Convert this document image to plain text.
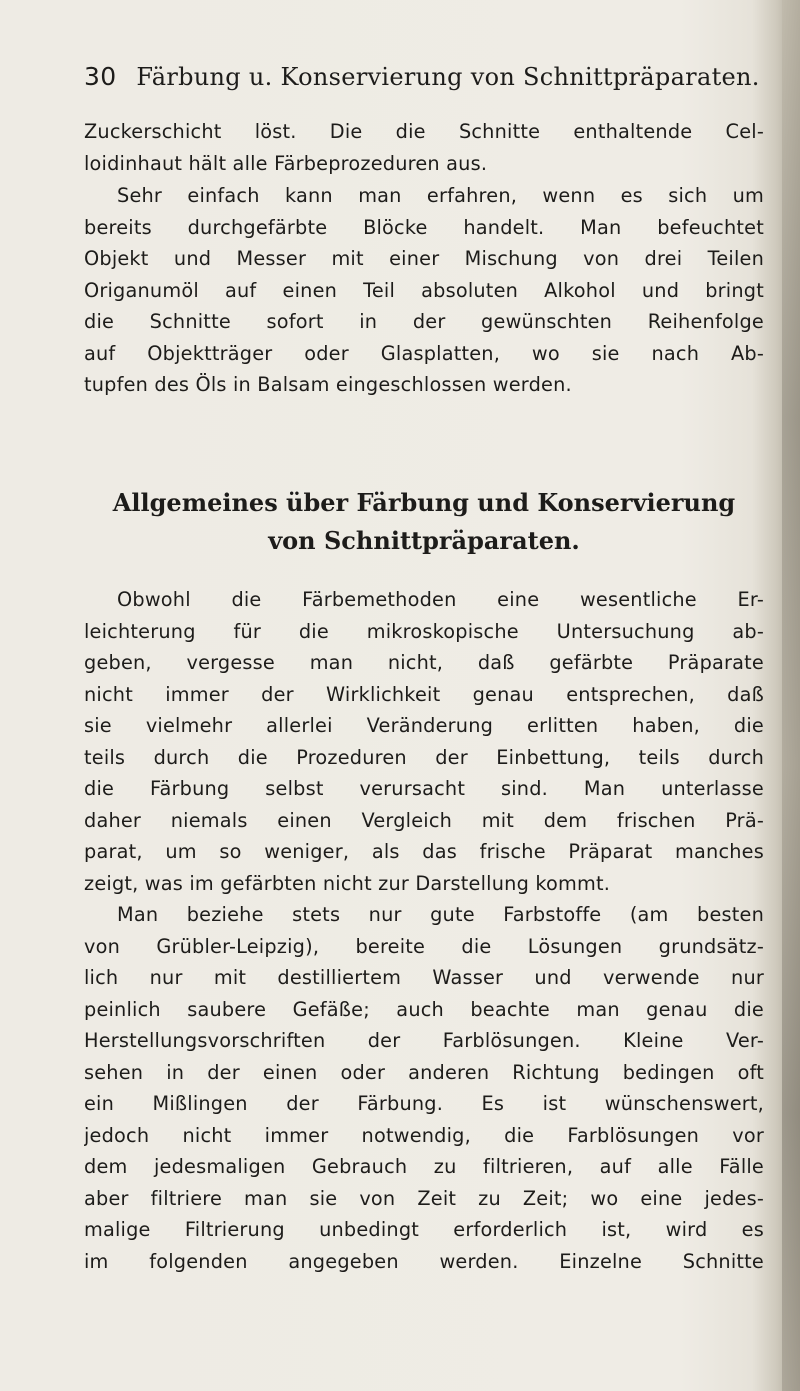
30 Färbung u. Konservierung von Schnittpräparaten.
Zuckerschicht löst. Die die Schnitte enthaltende Cel-
loidinhaut hält alle Färbeprozeduren aus.
Sehr einfach kann man erfahren, wenn es sich um
bereits durchgefärbte Blöcke handelt. Man befeuchtet
Objekt und Messer mit einer Mischung von drei Teilen
Origanumöl auf einen Teil absoluten Alkohol und bringt
die Schnitte sofort in der gewünschten Reihenfolge
auf Objektträger oder Glasplatten, wo sie nach Ab-
tupfen des Öls in Balsam eingeschlossen werden.
Allgemeines über Färbung und Konservierung
von Schnittpräparaten.
Obwohl die Färbemethoden eine wesentliche Er-
leichterung für die mikroskopische Untersuchung ab-
geben, vergesse man nicht, daß gefärbte Präparate
nicht immer der Wirklichkeit genau entsprechen, daß
sie vielmehr allerlei Veränderung erlitten haben, die
teils durch die Prozeduren der Einbettung, teils durch
die Färbung selbst verursacht sind. Man unterlasse
daher niemals einen Vergleich mit dem frischen Prä-
parat, um so weniger, als das frische Präparat manches
zeigt, was im gefärbten nicht zur Darstellung kommt.
Man beziehe stets nur gute Farbstoffe (am besten
von Grübler-Leipzig), bereite die Lösungen grundsätz-
lich nur mit destilliertem Wasser und verwende nur
peinlich saubere Gefäße; auch beachte man genau die
Herstellungsvorschriften der Farblösungen. Kleine Ver-
sehen in der einen oder anderen Richtung bedingen oft
ein Mißlingen der Färbung. Es ist wünschenswert,
jedoch nicht immer notwendig, die Farblösungen vor
dem jedesmaligen Gebrauch zu filtrieren, auf alle Fälle
aber filtriere man sie von Zeit zu Zeit; wo eine jedes-
malige Filtrierung unbedingt erforderlich ist, wird es
im folgenden angegeben werden. Einzelne Schnitte
